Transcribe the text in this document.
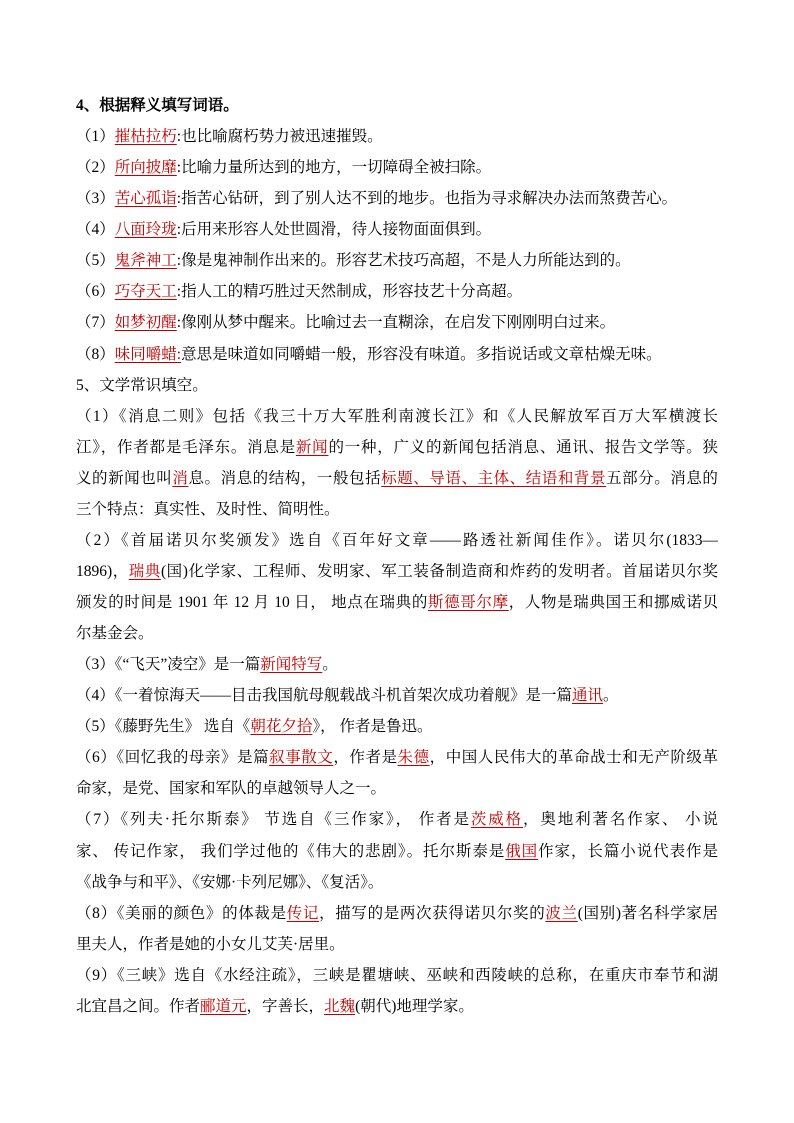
4、根据释义填写词语。
（1）摧枯拉朽:也比喻腐朽势力被迅速摧毁。
（2）所向披靡:比喻力量所达到的地方，一切障碍全被扫除。
（3）苦心孤诣:指苦心钻研，到了别人达不到的地步。也指为寻求解决办法而煞费苦心。
（4）八面玲珑:后用来形容人处世圆滑，待人接物面面俱到。
（5）鬼斧神工:像是鬼神制作出来的。形容艺术技巧高超，不是人力所能达到的。
（6）巧夺天工:指人工的精巧胜过天然制成，形容技艺十分高超。
（7）如梦初醒:像刚从梦中醒来。比喻过去一直糊涂，在启发下刚刚明白过来。
（8）味同嚼蜡:意思是味道如同嚼蜡一般，形容没有味道。多指说话或文章枯燥无味。
5、文学常识填空。
（1）《消息二则》包括《我三十万大军胜利南渡长江》和《人民解放军百万大军横渡长
江》，作者都是毛泽东。消息是新闻的一种，广义的新闻包括消息、通讯、报告文学等。狭
义的新闻也叫消息。消息的结构，一般包括标题、导语、主体、结语和背景五部分。消息的
三个特点：真实性、及时性、简明性。
（2）《首届诺贝尔奖颁发》选自《百年好文章——路透社新闻佳作》。诺贝尔(1833—
1896)，瑞典(国)化学家、工程师、发明家、军工装备制造商和炸药的发明者。首届诺贝尔奖
颁发的时间是 1901 年 12 月 10 日， 地点在瑞典的斯德哥尔摩，人物是瑞典国王和挪威诺贝
尔基金会。
（3）《“飞天”凌空》是一篇新闻特写。
（4）《一着惊海天——目击我国航母舰载战斗机首架次成功着舰》是一篇通讯。
（5）《藤野先生》 选自《朝花夕拾》， 作者是鲁迅。
（6）《回忆我的母亲》是篇叙事散文，作者是朱德，中国人民伟大的革命战士和无产阶级革
命家，是党、国家和军队的卓越领导人之一。
（7）《列夫·托尔斯泰》 节选自《三作家》， 作者是茨威格，奥地利著名作家、 小说
家、 传记作家， 我们学过他的《伟大的悲剧》。托尔斯泰是俄国作家，长篇小说代表作是
《战争与和平》、《安娜·卡列尼娜》、《复活》。
（8）《美丽的颜色》的体裁是传记，描写的是两次获得诺贝尔奖的波兰(国别)著名科学家居
里夫人，作者是她的小女儿艾芙·居里。
（9）《三峡》选自《水经注疏》，三峡是瞿塘峡、巫峡和西陵峡的总称，在重庆市奉节和湖
北宜昌之间。作者郦道元，字善长，北魏(朝代)地理学家。
